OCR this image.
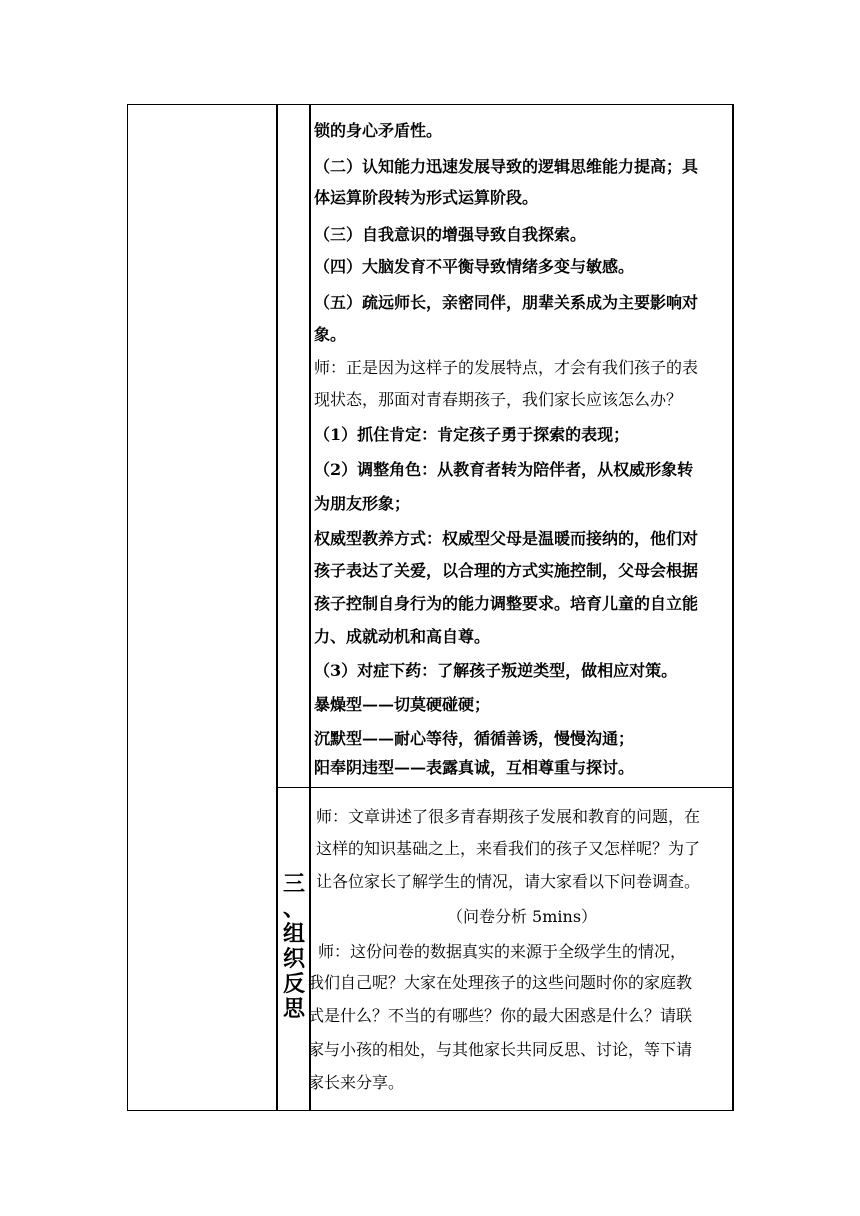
锁的身心矛盾性。
（二）认知能力迅速发展导致的逻辑思维能力提高；具
体运算阶段转为形式运算阶段。
（三）自我意识的增强导致自我探索。
（四）大脑发育不平衡导致情绪多变与敏感。
（五）疏远师长，亲密同伴，朋辈关系成为主要影响对
象。
师：正是因为这样子的发展特点，才会有我们孩子的表
现状态，那面对青春期孩子，我们家长应该怎么办？
（1）抓住肯定：肯定孩子勇于探索的表现；
（2）调整角色：从教育者转为陪伴者，从权威形象转
为朋友形象；
权威型教养方式：权威型父母是温暖而接纳的，他们对
孩子表达了关爱，以合理的方式实施控制，父母会根据
孩子控制自身行为的能力调整要求。培育儿童的自立能
力、成就动机和高自尊。
（3）对症下药：了解孩子叛逆类型，做相应对策。
暴燥型——切莫硬碰硬；
沉默型——耐心等待，循循善诱，慢慢沟通；
阳奉阴违型——表露真诚，互相尊重与探讨。
三
、
组
织
反
思
师：文章讲述了很多青春期孩子发展和教育的问题，在
这样的知识基础之上，来看我们的孩子又怎样呢？为了
让各位家长了解学生的情况，请大家看以下问卷调查。
（问卷分析 5mins）
师：这份问卷的数据真实的来源于全级学生的情况，
我们自己呢？大家在处理孩子的这些问题时你的家庭教
式是什么？不当的有哪些？你的最大困惑是什么？请联
家与小孩的相处，与其他家长共同反思、讨论，等下请
家长来分享。
